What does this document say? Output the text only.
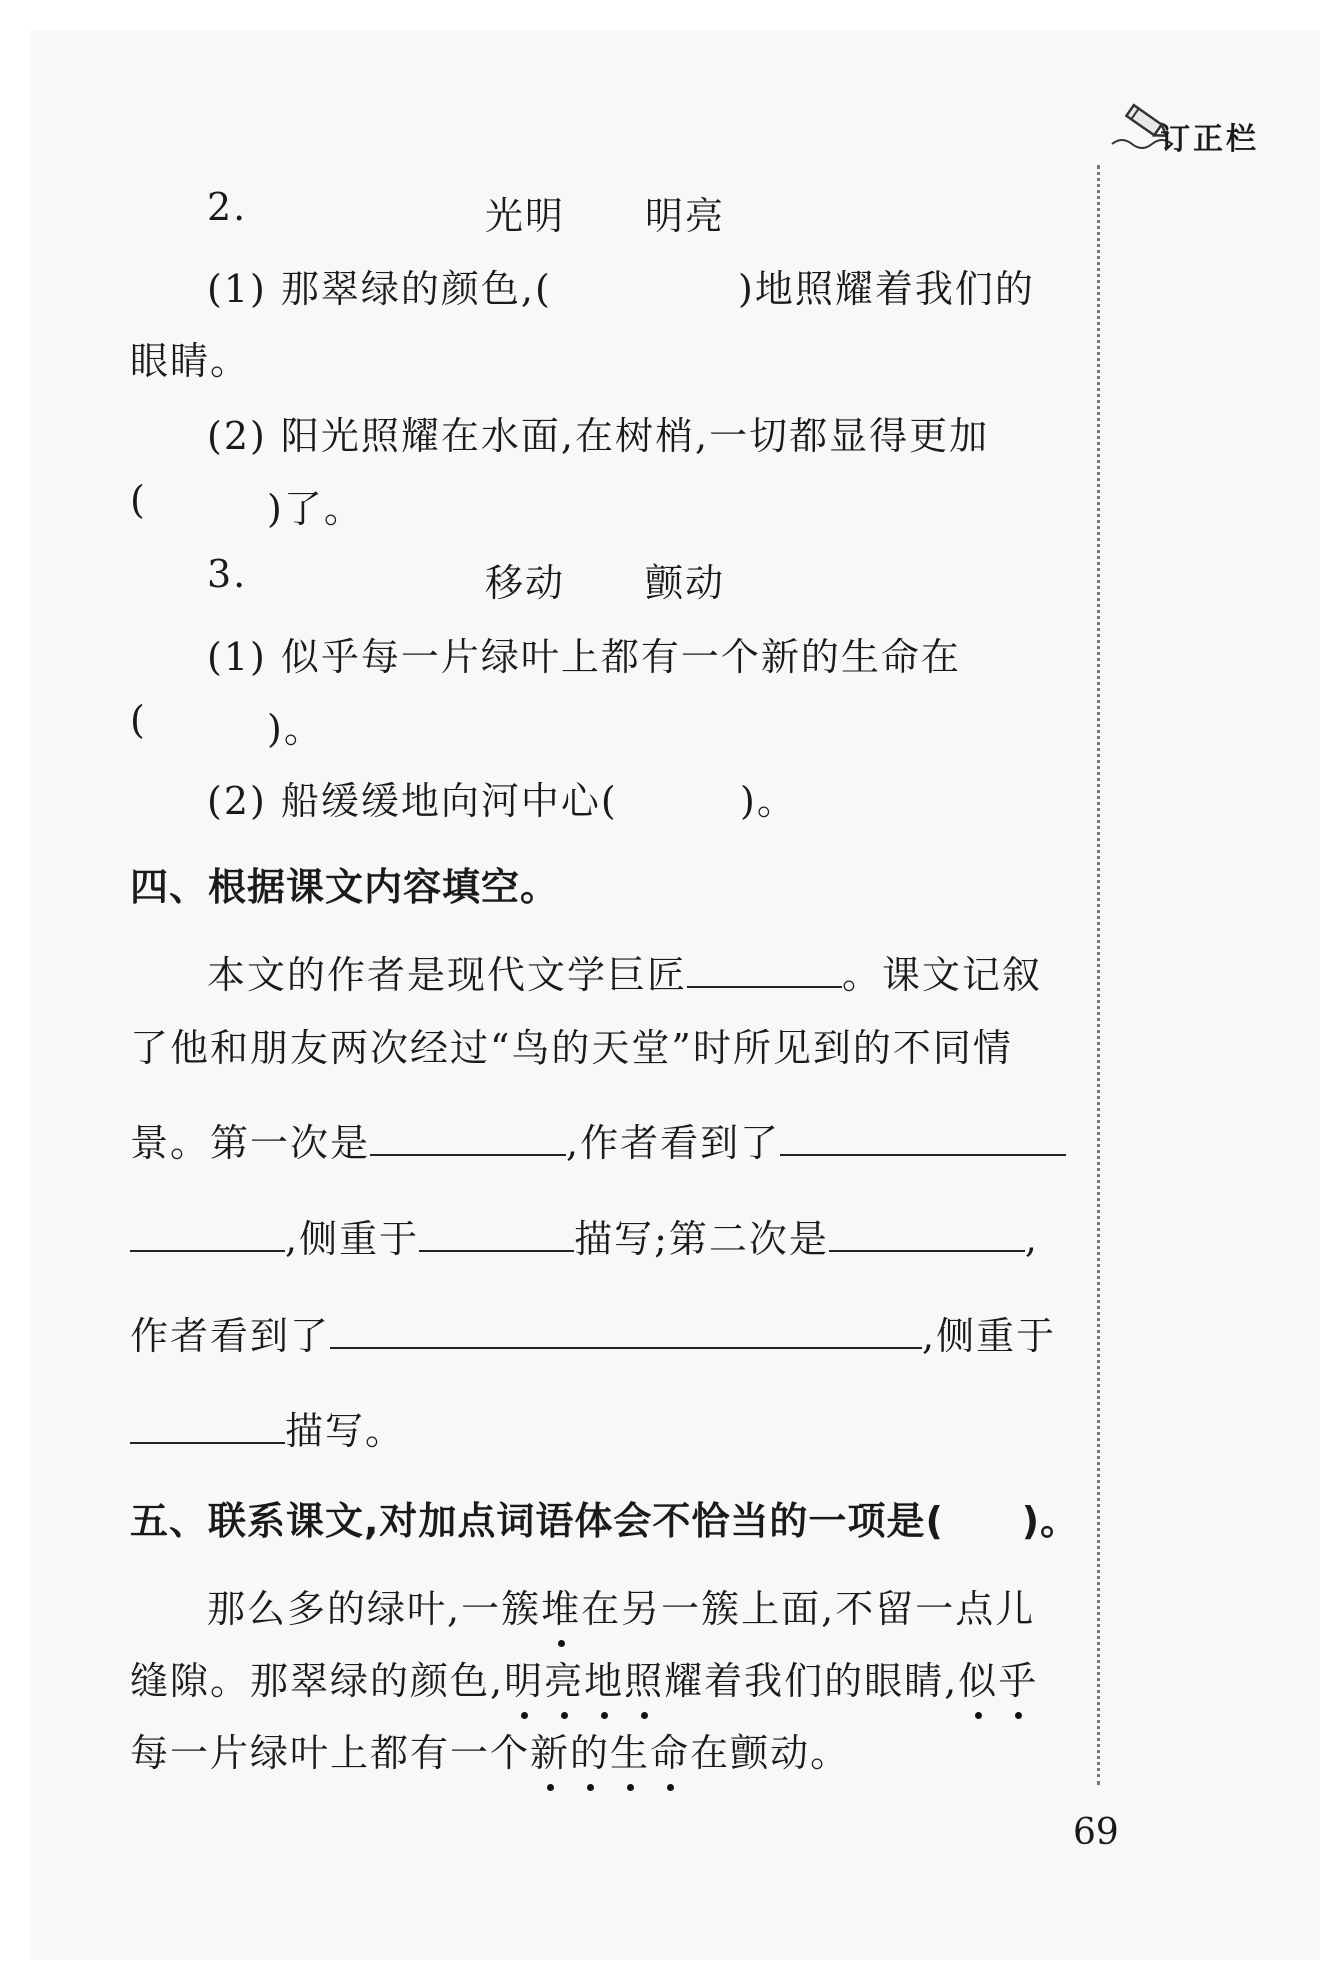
订正栏
2.	光明 明亮
(1) 那翠绿的颜色,(	)地照耀着我们的
眼睛。
(2) 阳光照耀在水面,在树梢,一切都显得更加
(	)了。
3.	移动 颤动
(1) 似乎每一片绿叶上都有一个新的生命在
(	)。
(2) 船缓缓地向河中心(	)。
四、根据课文内容填空。
本文的作者是现代文学巨匠	。课文记叙
了他和朋友两次经过“鸟的天堂”时所见到的不同情
景。第一次是	,作者看到了
,侧重于	描写;第二次是	,
作者看到了	,侧重于
描写。
五、联系课文,对加点词语体会不恰当的一项是(　　)。
那么多的绿叶,一簇堆
在另一簇上面,不留一点儿
缝隙。那翠绿的颜色,明
亮
地
照
耀着我们的眼睛,似
乎
每一片绿叶上都有一个新
的
生
命
在颤动。
69
